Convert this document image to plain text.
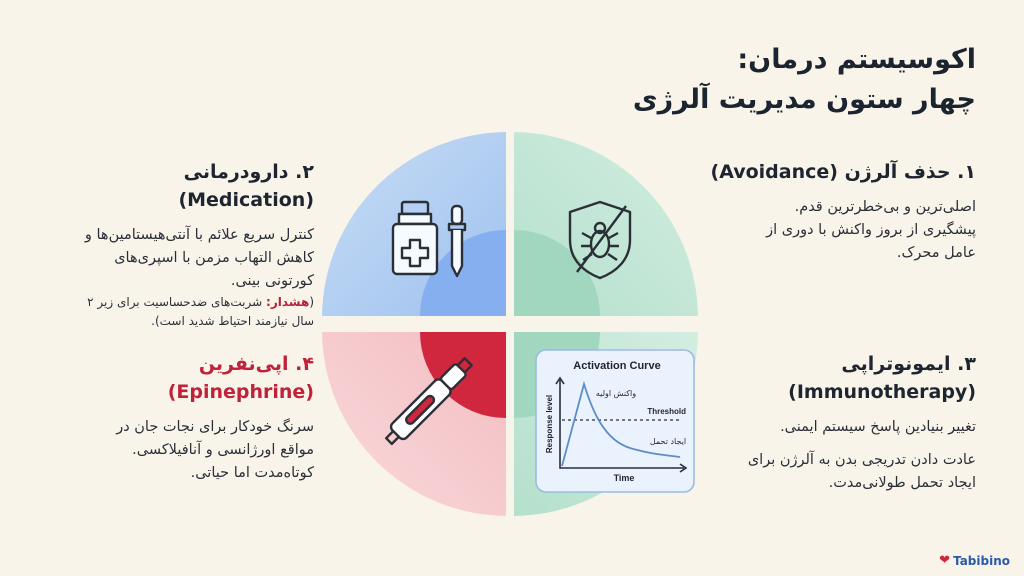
اکوسیستم درمان:
چهار ستون مدیریت آلرژی
Activation Curve
Response level
Time
Threshold
واکنش اولیه
ایجاد تحمل
۱. حذف آلرژن (Avoidance)
اصلی‌ترین و بی‌خطرترین قدم.
پیشگیری از بروز واکنش با دوری از
عامل محرک.
۲. دارودرمانی (Medication)
کنترل سریع علائم با آنتی‌هیستامین‌ها و
کاهش التهاب مزمن با اسپری‌های
کورتونی بینی.
(هشدار: شربت‌های ضدحساسیت برای زیر ۲
سال نیازمند احتیاط شدید است).
۳. ایمونوتراپی
(Immunotherapy)
تغییر بنیادین پاسخ سیستم ایمنی.
عادت دادن تدریجی بدن به آلرژن برای
ایجاد تحمل طولانی‌مدت.
۴. اپی‌نفرین
(Epinephrine)
سرنگ خودکار برای نجات جان در
مواقع اورژانسی و آنافیلاکسی.
کوتاه‌مدت اما حیاتی.
❤ Tabibino
